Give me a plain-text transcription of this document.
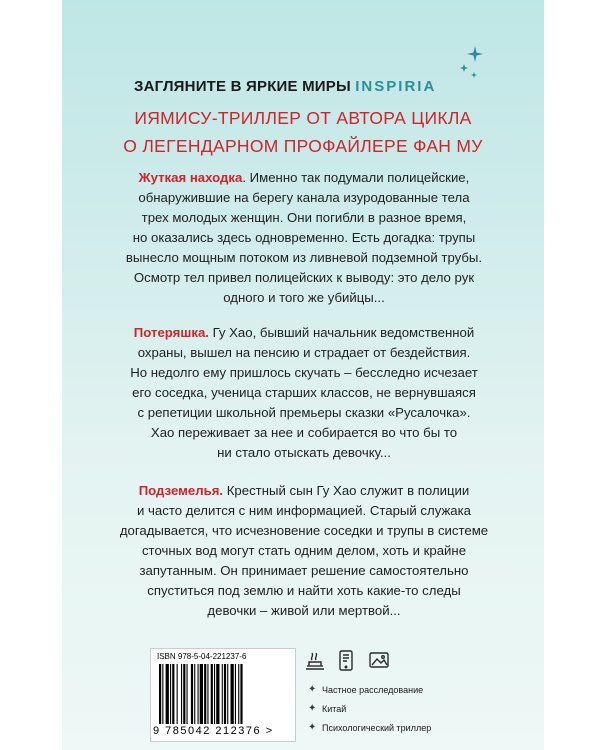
ЗАГЛЯНИТЕ В ЯРКИЕ МИРЫ INSPIRIA
ИЯМИСУ-ТРИЛЛЕР ОТ АВТОРА ЦИКЛА
О ЛЕГЕНДАРНОМ ПРОФАЙЛЕРЕ ФАН МУ
Жуткая находка. Именно так подумали полицейские,
обнаружившие на берегу канала изуродованные тела
трех молодых женщин. Они погибли в разное время,
но оказались здесь одновременно. Есть догадка: трупы
вынесло мощным потоком из ливневой подземной трубы.
Осмотр тел привел полицейских к выводу: это дело рук
одного и того же убийцы...
Потеряшка. Гу Хао, бывший начальник ведомственной
охраны, вышел на пенсию и страдает от бездействия.
Но недолго ему пришлось скучать – бесследно исчезает
его соседка, ученица старших классов, не вернувшаяся
с репетиции школьной премьеры сказки «Русалочка».
Хао переживает за нее и собирается во что бы то
ни стало отыскать девочку...
Подземелья. Крестный сын Гу Хао служит в полиции
и часто делится с ним информацией. Старый служака
догадывается, что исчезновение соседки и трупы в системе
сточных вод могут стать одним делом, хоть и крайне
запутанным. Он принимает решение самостоятельно
спуститься под землю и найти хоть какие-то следы
девочки – живой или мертвой...
ISBN 978-5-04-221237-6
9 785042 212376 >
✦ Частное расследование
✦ Китай
✦ Психологический триллер
